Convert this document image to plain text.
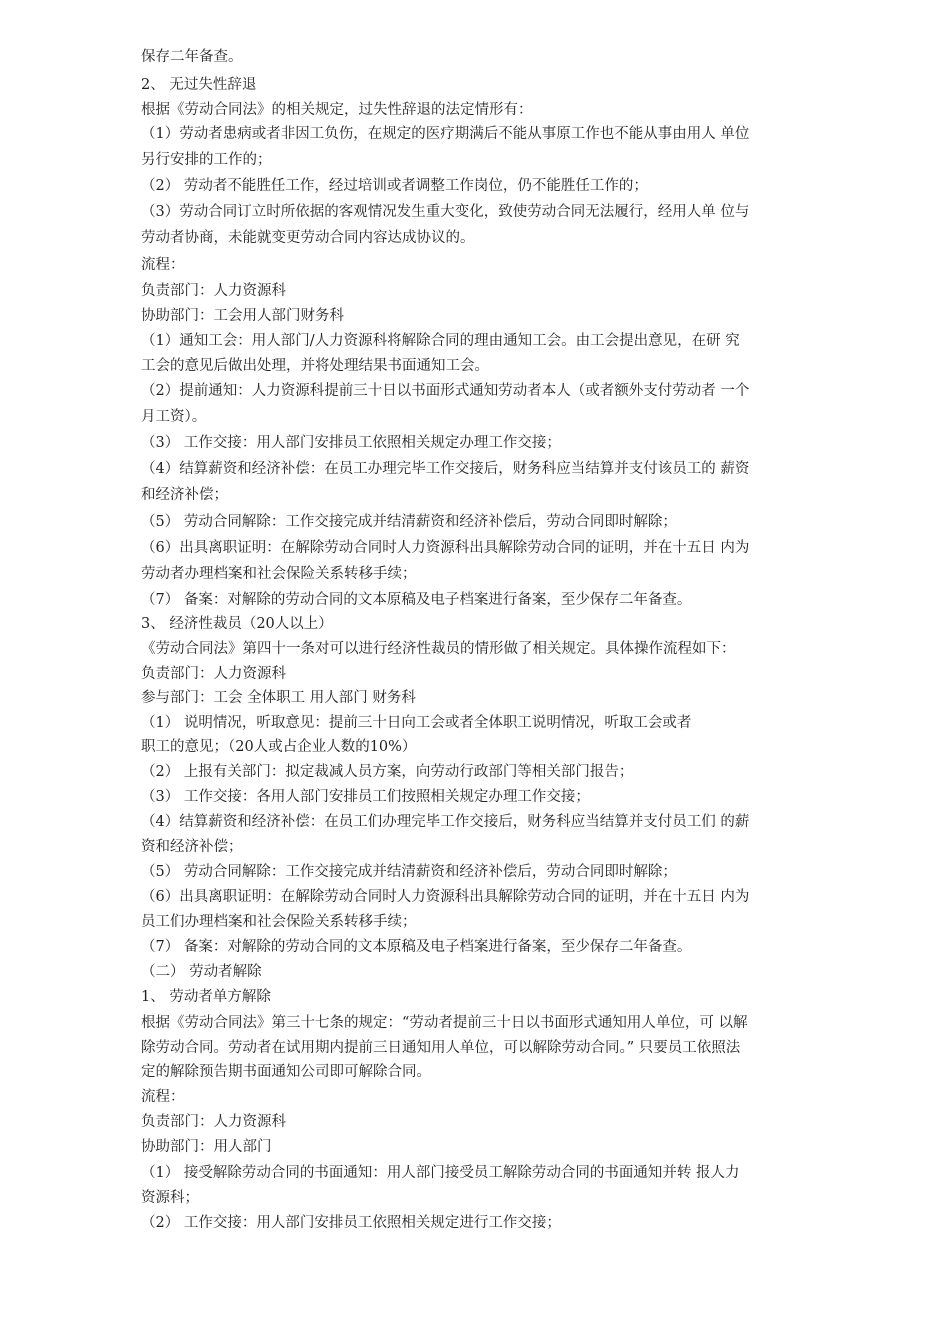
保存二年备查。
2、 无过失性辞退
根据《劳动合同法》的相关规定，过失性辞退的法定情形有：
（1）劳动者患病或者非因工负伤，在规定的医疗期满后不能从事原工作也不能从事由用人 单位
另行安排的工作的；
（2） 劳动者不能胜任工作，经过培训或者调整工作岗位，仍不能胜任工作的；
（3）劳动合同订立时所依据的客观情况发生重大变化，致使劳动合同无法履行，经用人单 位与
劳动者协商，未能就变更劳动合同内容达成协议的。
流程：
负责部门：人力资源科
协助部门：工会用人部门财务科
（1）通知工会：用人部门/人力资源科将解除合同的理由通知工会。由工会提出意见，在研 究
工会的意见后做出处理，并将处理结果书面通知工会。
（2）提前通知：人力资源科提前三十日以书面形式通知劳动者本人（或者额外支付劳动者 一个
月工资）。
（3） 工作交接：用人部门安排员工依照相关规定办理工作交接；
（4）结算薪资和经济补偿：在员工办理完毕工作交接后，财务科应当结算并支付该员工的 薪资
和经济补偿；
（5） 劳动合同解除：工作交接完成并结清薪资和经济补偿后，劳动合同即时解除；
（6）出具离职证明：在解除劳动合同时人力资源科出具解除劳动合同的证明，并在十五日 内为
劳动者办理档案和社会保险关系转移手续；
（7） 备案：对解除的劳动合同的文本原稿及电子档案进行备案，至少保存二年备查。
3、 经济性裁员（20人以上）
《劳动合同法》第四十一条对可以进行经济性裁员的情形做了相关规定。具体操作流程如下：
负责部门：人力资源科
参与部门：工会 全体职工 用人部门 财务科
（1） 说明情况，听取意见：提前三十日向工会或者全体职工说明情况，听取工会或者
职工的意见；（20人或占企业人数的10%）
（2） 上报有关部门：拟定裁减人员方案，向劳动行政部门等相关部门报告；
（3） 工作交接：各用人部门安排员工们按照相关规定办理工作交接；
（4）结算薪资和经济补偿：在员工们办理完毕工作交接后，财务科应当结算并支付员工们 的薪
资和经济补偿；
（5） 劳动合同解除：工作交接完成并结清薪资和经济补偿后，劳动合同即时解除；
（6）出具离职证明：在解除劳动合同时人力资源科出具解除劳动合同的证明，并在十五日 内为
员工们办理档案和社会保险关系转移手续；
（7） 备案：对解除的劳动合同的文本原稿及电子档案进行备案，至少保存二年备查。
（二） 劳动者解除
1、 劳动者单方解除
根据《劳动合同法》第三十七条的规定：“劳动者提前三十日以书面形式通知用人单位，可 以解
除劳动合同。劳动者在试用期内提前三日通知用人单位，可以解除劳动合同。” 只要员工依照法
定的解除预告期书面通知公司即可解除合同。
流程：
负责部门：人力资源科
协助部门：用人部门
（1） 接受解除劳动合同的书面通知：用人部门接受员工解除劳动合同的书面通知并转 报人力
资源科；
（2） 工作交接：用人部门安排员工依照相关规定进行工作交接；
